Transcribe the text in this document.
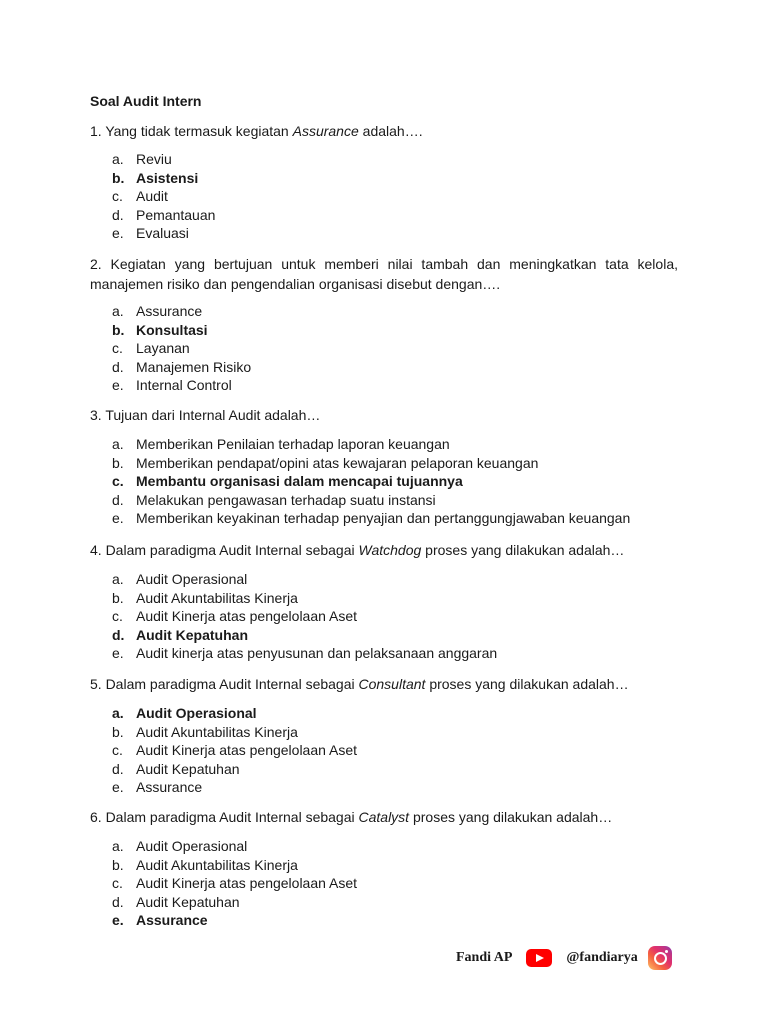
Soal Audit Intern
1. Yang tidak termasuk kegiatan Assurance adalah….
a. Reviu
b. Asistensi
c. Audit
d. Pemantauan
e. Evaluasi
2. Kegiatan yang bertujuan untuk memberi nilai tambah dan meningkatkan tata kelola, manajemen risiko dan pengendalian organisasi disebut dengan….
a. Assurance
b. Konsultasi
c. Layanan
d. Manajemen Risiko
e. Internal Control
3. Tujuan dari Internal Audit adalah…
a. Memberikan Penilaian terhadap laporan keuangan
b. Memberikan pendapat/opini atas kewajaran pelaporan keuangan
c. Membantu organisasi dalam mencapai tujuannya
d. Melakukan pengawasan terhadap suatu instansi
e. Memberikan keyakinan terhadap penyajian dan pertanggungjawaban keuangan
4. Dalam paradigma Audit Internal sebagai Watchdog proses yang dilakukan adalah…
a. Audit Operasional
b. Audit Akuntabilitas Kinerja
c. Audit Kinerja atas pengelolaan Aset
d. Audit Kepatuhan
e. Audit kinerja atas penyusunan dan pelaksanaan anggaran
5. Dalam paradigma Audit Internal sebagai Consultant proses yang dilakukan adalah…
a. Audit Operasional
b. Audit Akuntabilitas Kinerja
c. Audit Kinerja atas pengelolaan Aset
d. Audit Kepatuhan
e. Assurance
6. Dalam paradigma Audit Internal sebagai Catalyst proses yang dilakukan adalah…
a. Audit Operasional
b. Audit Akuntabilitas Kinerja
c. Audit Kinerja atas pengelolaan Aset
d. Audit Kepatuhan
e. Assurance
Fandi AP	@fandiarya
